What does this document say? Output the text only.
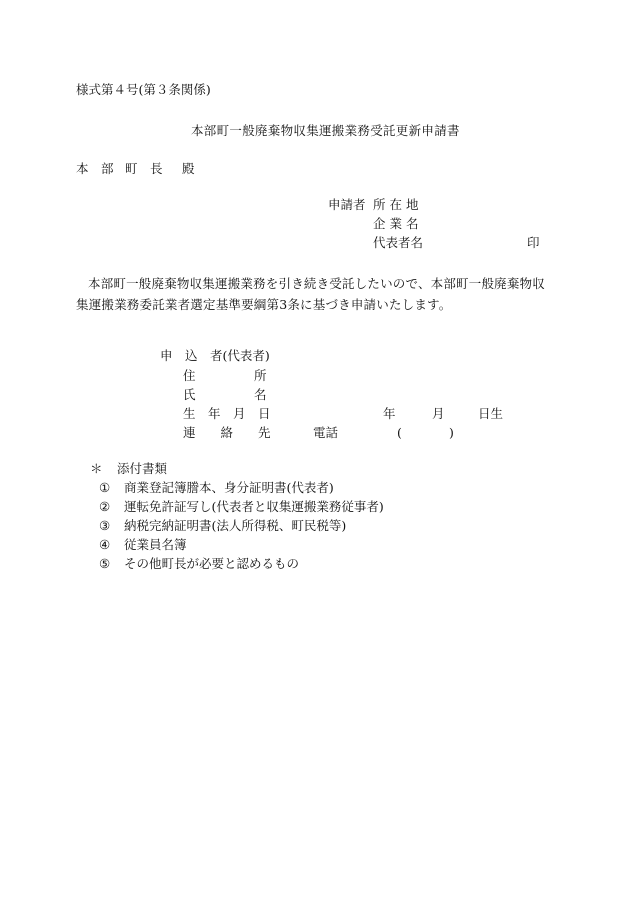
様式第４号(第３条関係)
本部町一般廃棄物収集運搬業務受託更新申請書
本 部 町 長 殿
申請者 所 在 地
企 業 名
代表者名	印
本部町一般廃棄物収集運搬業務を引き続き受託したいので、本部町一般廃棄物収集運搬業務委託業者選定基準要綱第3条に基づき申請いたします。
申　込　者(代表者)
住	所
氏	名
生　年　月　日	年	月	日生
連　　絡　　先	電話	(	)
＊ 添付書類
① 商業登記簿謄本、身分証明書(代表者)
② 運転免許証写し(代表者と収集運搬業務従事者)
③ 納税完納証明書(法人所得税、町民税等)
④ 従業員名簿
⑤ その他町長が必要と認めるもの
